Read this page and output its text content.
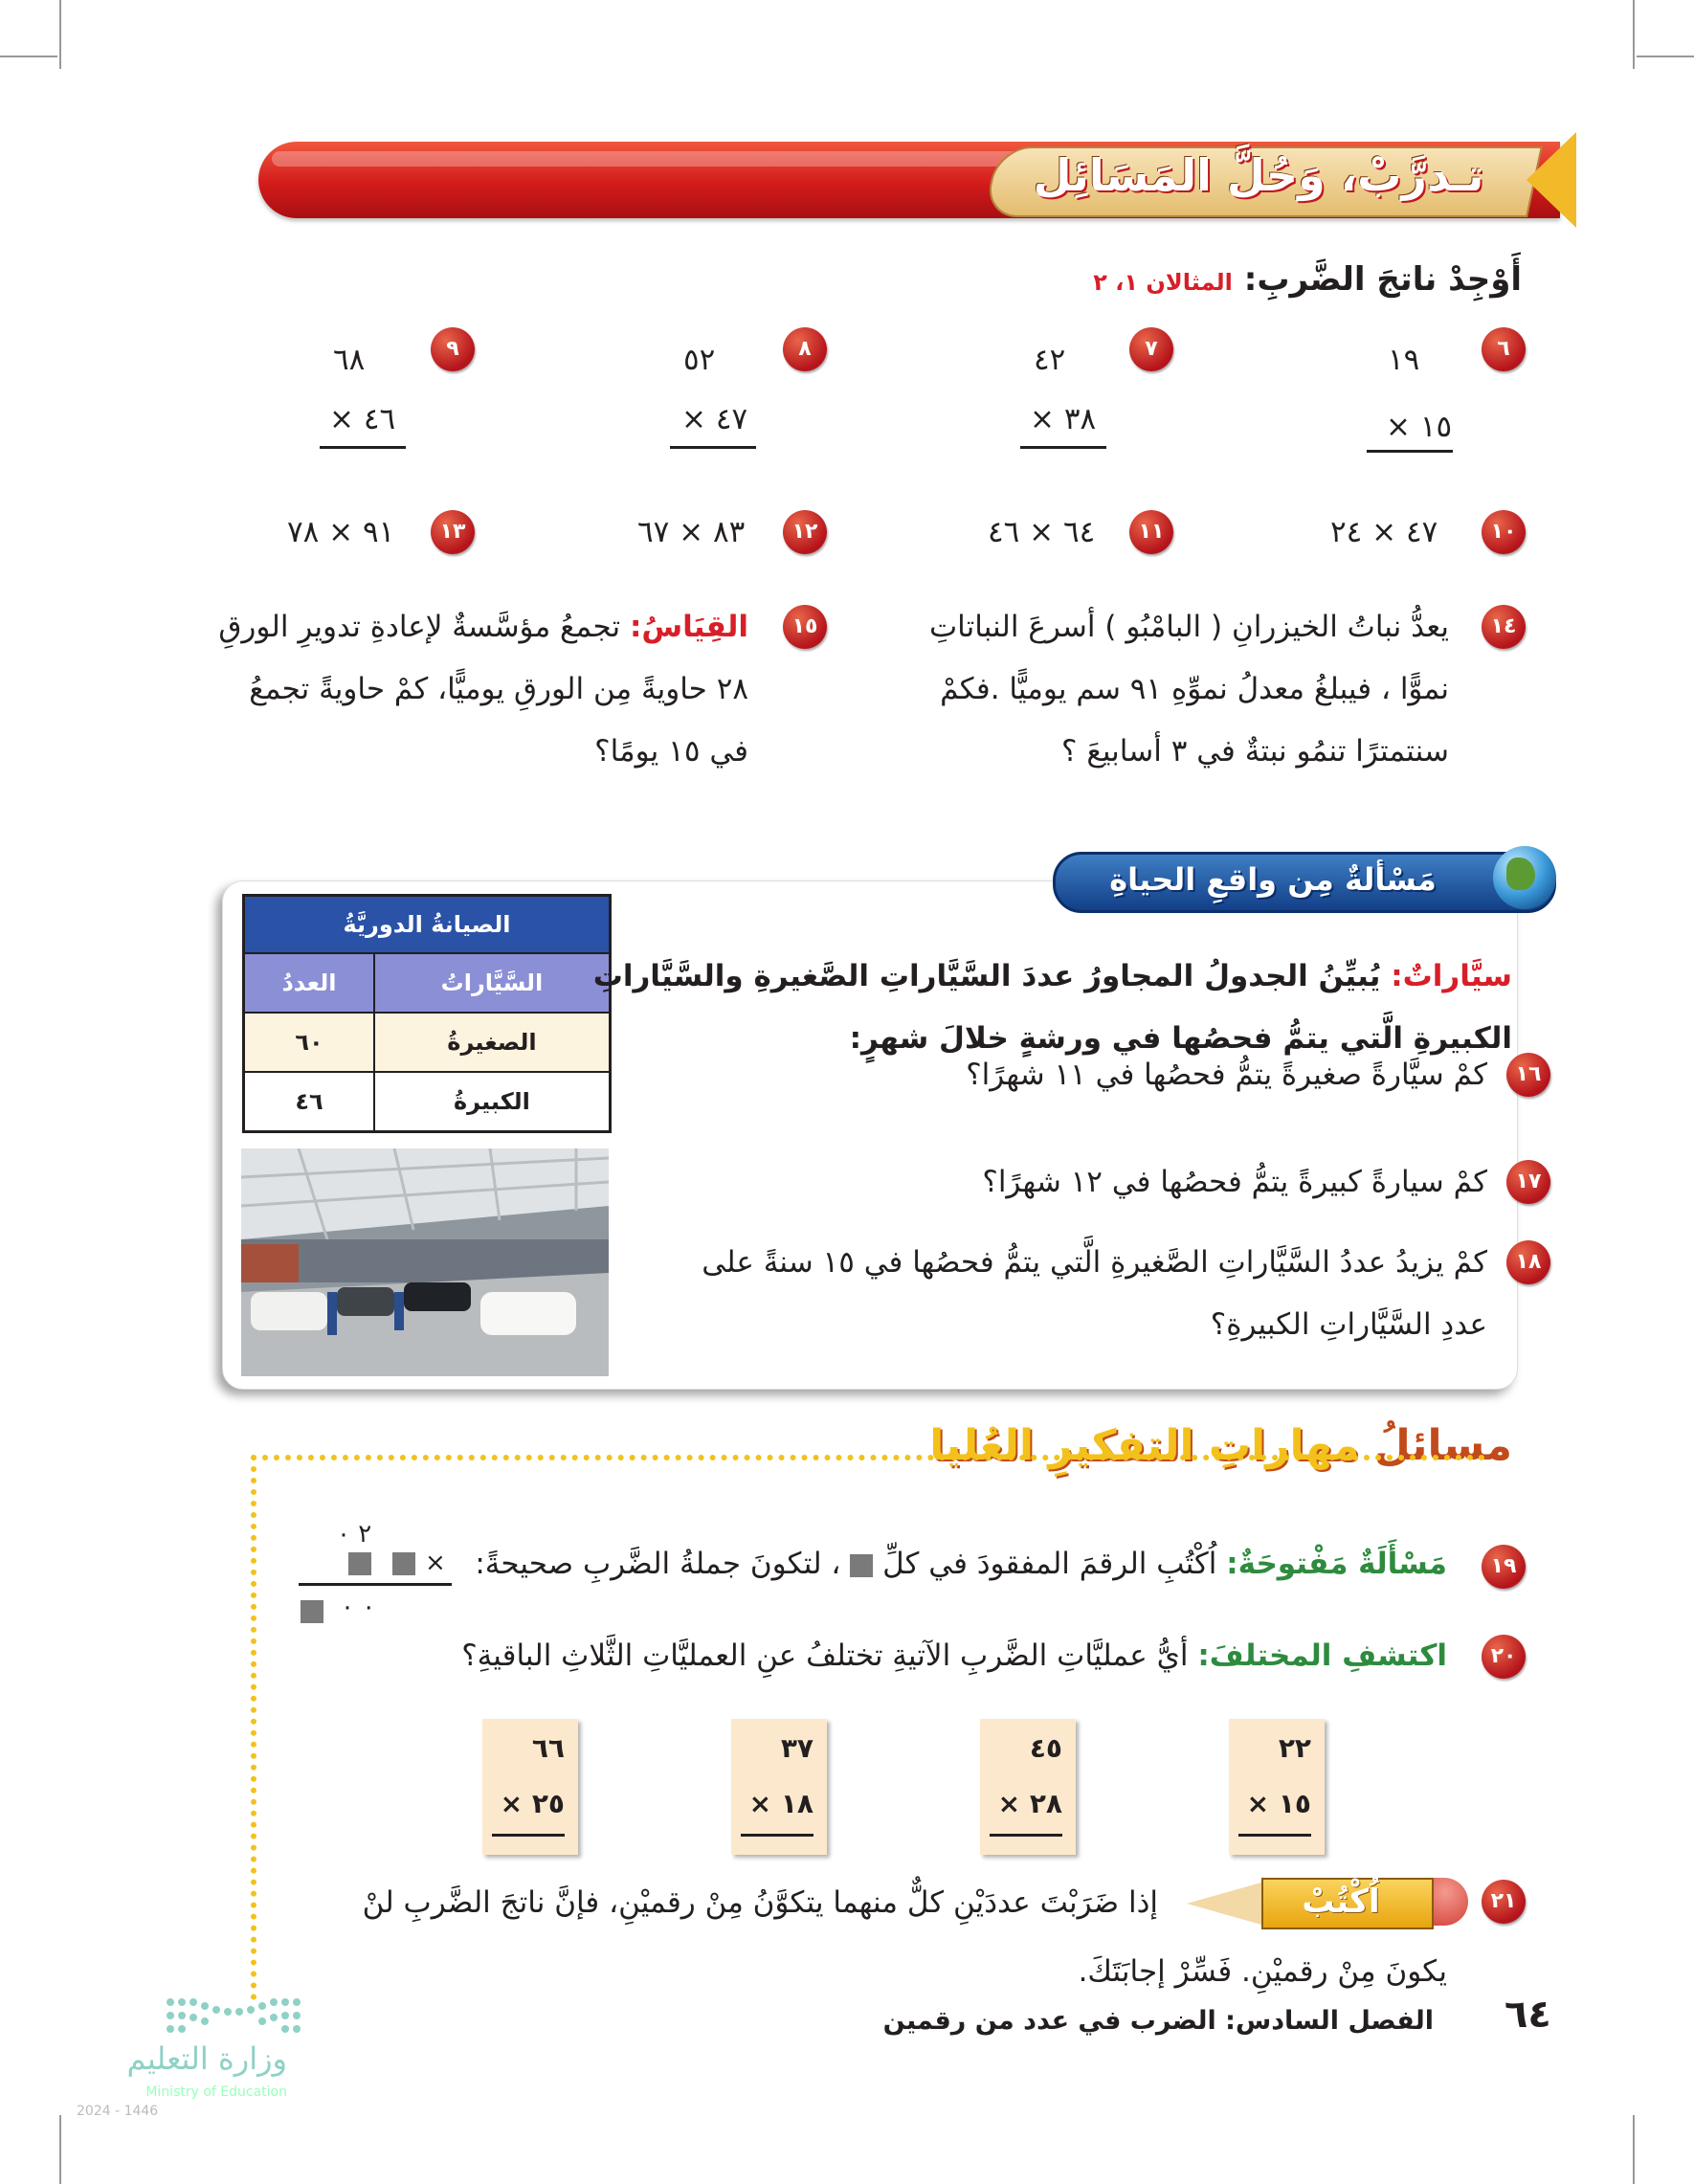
تـدرَّبْ، وَحُلَّ المَسَائِل
أَوْجِدْ ناتجَ الضَّربِ: المثالان ١، ٢
٦
١٩
× ١٥
٧
٤٢
× ٣٨
٨
٥٢
× ٤٧
٩
٦٨
× ٤٦
١٠
٤٧ × ٢٤
١١
٦٤ × ٤٦
١٢
٨٣ × ٦٧
١٣
٩١ × ٧٨
١٤
يعدُّ نباتُ الخيزرانِ ( البامْبُو ) أسرعَ النباتاتِ
نموًّا ، فيبلغُ معدلُ نموِّهِ ٩١ سم يوميًّا .فكمْ
سنتمترًا تنمُو نبتةٌ في ٣ أسابيعَ ؟
١٥
القِيَاسُ: تجمعُ مؤسَّسةٌ لإعادةِ تدويرِ الورقِ
٢٨ حاويةً مِن الورقِ يوميًّا، كمْ حاويةً تجمعُ
في ١٥ يومًا؟
مَسْألةٌ مِن واقعِ الحياةِ
الصيانةُ الدوريَّةُ	
السَّيَّاراتُ	العددُ
الصغيرةُ	٦٠
الكبيرةُ	٤٦
سيَّاراتٌ: يُبيِّنُ الجدولُ المجاورُ عددَ السَّيَّاراتِ الصَّغيرةِ والسَّيَّاراتِ
الكبيرةِ الَّتي يتمُّ فحصُها في ورشةٍ خلالَ شهرٍ:
١٦
كمْ سيَّارةً صغيرةً يتمُّ فحصُها في ١١ شهرًا؟
١٧
كمْ سيارةً كبيرةً يتمُّ فحصُها في ١٢ شهرًا؟
١٨
كمْ يزيدُ عددُ السَّيَّاراتِ الصَّغيرةِ الَّتي يتمُّ فحصُها في ١٥ سنةً على
عددِ السَّيَّاراتِ الكبيرةِ؟
مسائلُ مهاراتِ التفكيرِ العُليا
١٩
مَسْأَلَةٌ مَفْتوحَةٌ: اُكْتُبِ الرقمَ المفقودَ في كلِّ  ، لتكونَ جملةُ الضَّربِ صحيحةً:
٢ ٠
×
٠ ٠
٢٠
اكتشفِ المختلفَ: أيُّ عمليَّاتِ الضَّربِ الآتيةِ تختلفُ عنِ العمليَّاتِ الثَّلاثِ الباقيةِ؟
٢٢
× ١٥
٤٥
× ٢٨
٣٧
× ١٨
٦٦
× ٢٥
٢١
اُكْتُبْ
إذا ضَرَبْتَ عددَيْنِ كلٌّ منهما يتكوَّنُ مِنْ رقميْنِ، فإنَّ ناتجَ الضَّربِ لنْ
يكونَ مِنْ رقميْنِ. فَسِّرْ إجابَتَكَ.
وزارة التعليم
Ministry of Education
2024 - 1446
٦٤
الفصل السادس: الضرب في عدد من رقمين
